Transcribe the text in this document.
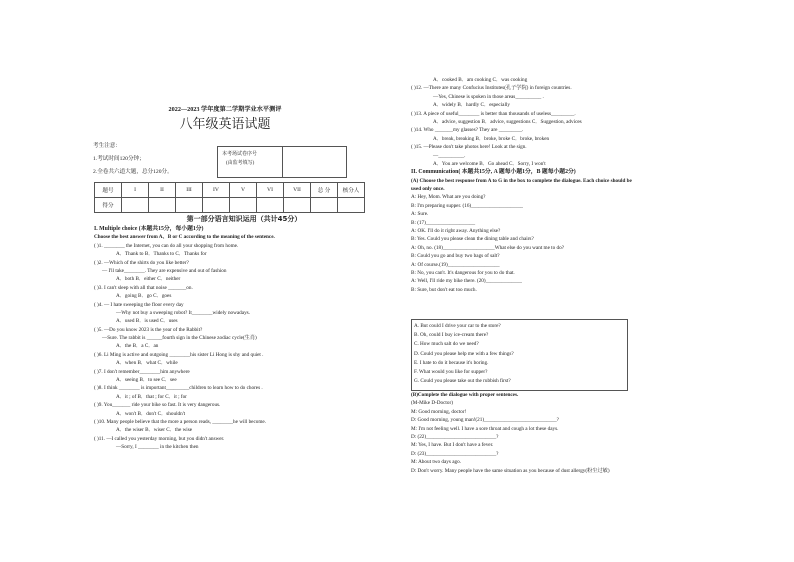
2022—2023 学年度第二学期学业水平测评
八年级英语试题
考生注意：
1.考试时间120分钟；
2.全卷共六道大题，总分120分。
本考场试卷序号
(由监考填写)
题号	I	II	III	IV	V	VI	VII	总 分	核分人
得分									
第一部分语言知识运用（共计45分）
I. Multiple choice (本题共15分，每小题1分)
Choose the best answer from A、B or C according to the meaning of the sentence.
( )1. ________ the Internet, you can do all your shopping from home.
A．Thank to B．Thanks to C．Thanks for
( )2. —Which of the shirts do you like better?
— I'll take________. They are expensive and out of fashion
A．both B．either C．neither
( )3. I can't sleep with all that noise _______on.
A．going B．go C．goes
( )4. — I hate sweeping the floor every day
—Why not buy a sweeping robot? It________widely nowadays.
A．used B．is used C．uses
( )5. —Do you know 2023 is the year of the Rabbit?
—Sure. The rabbit is ______fourth sign in the Chinese zodiac cycle(生肖)
A．the B．a C．an
( )6. Li Ming is active and outgoing ________his sister Li Hong is shy and quiet .
A．when B．what C．while
( )7. I don't remember________him anywhere
A．seeing B．to see C．see
( )8. I think ________ is important_________children to learn how to do chores .
A．it ; of B．that ; for C．it ; for
( )9. You_______ ride your bike so fast. It is very dangerous.
A．won't B．don't C．shouldn't
( )10. Many people believe that the more a person reads, ________he will become.
A．the wiser B．wiser C．the wise
( )11. —I called you yesterday morning, but you didn't answer.
—Sorry, I ________ in the kitchen then
A．cooked B．am cooking C．was cooking
( )12. —There are many Confucius Institutes(孔子学院) in foreign countries.
—Yes, Chinese is spoken in those areas__________ .
A．widely B．hardly C．especially
( )13. A piece of useful________ is better than thousands of useless_________.
A．advice, suggestion B．advice, suggestions C．Suggestion, advices
( )14. Who _______my glasses? They are _________.
A．break, breaking B．broke, broke C．broke, broken
( )15. —Please don't take photos here! Look at the sign.
—__________.
A．You are welcome B．Go ahead C．Sorry, I won't
II. Communication( 本题共15分, A 题每小题1分，B 题每小题2分)
(A) Choose the best response from A to G in the box to complete the dialogue. Each choice should be
used only once.
A: Hey, Mom. What are you doing?
B: I'm preparing supper. (16)____________________
A: Sure.
B: (17)___________________
A: OK. I'll do it right away. Anything else?
B: Yes. Could you please clean the dining table and chairs?
A: Oh, no. (18)____________________What else do you want me to do?
B: Could you go and buy two bags of salt?
A: Of course.(19)____________________
B: No, you can't. It's dangerous for you to do that.
A: Well, I'll ride my bike there. (20)______________
B: Sure, but don't eat too much.
A. But could I drive your car to the store?
B. Oh, could I buy ice-cream there?
C. How much salt do we need?
D. Could you please help me with a few things?
E. I hate to do it because it's boring.
F. What would you like for supper?
G. Could you please take out the rubbish first?
(B)Complete the dialogue with proper sentences.
(M-Mike D-Doctor)
M: Good morning, doctor!
D: Good morning, young man!(21)____________________________?
M: I'm not feeling well. I have a sore throat and cough a lot these days.
D: (22)___________________________?
M: Yes, I have. But I don't have a fever.
D: (23)___________________________?
M: About two days ago.
D: Don't worry. Many people have the same situation as you because of dust allergy(粉尘过敏)
